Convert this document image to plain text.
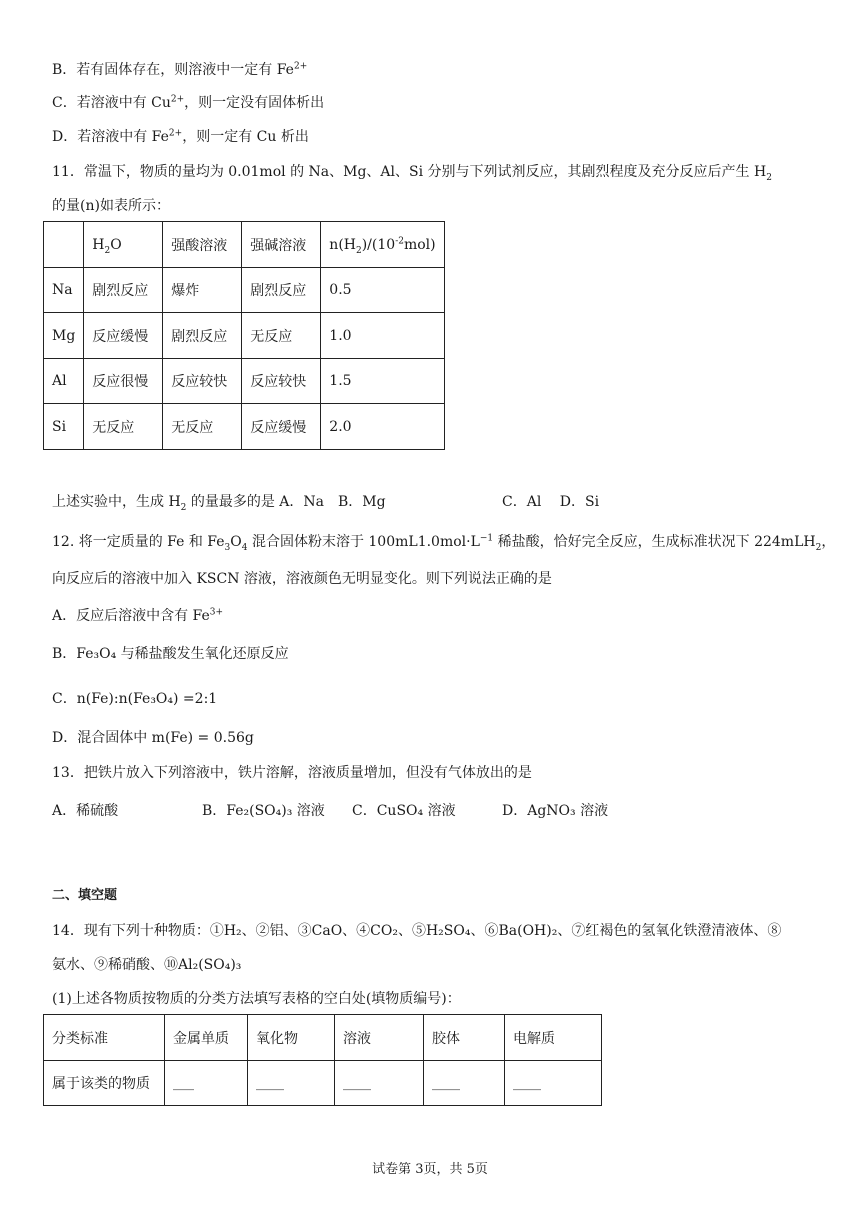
B．若有固体存在，则溶液中一定有 $Fe^{2+}$
C．若溶液中有 $Cu^{2+}$，则一定没有固体析出
D．若溶液中有 $Fe^{2+}$，则一定有 Cu 析出
11．常温下，物质的量均为 0.01mol 的 Na、Mg、Al、Si 分别与下列试剂反应，其剧烈程度及充分反应后产生 $H_2$
的量(n)如表所示：
	$H_2O$	强酸溶液	强碱溶液	$n(H_2)/(10^{-2}mol)$
Na	剧烈反应	爆炸	剧烈反应	0.5
Mg	反应缓慢	剧烈反应	无反应	1.0
Al	反应很慢	反应较快	反应较快	1.5
Si	无反应	无反应	反应缓慢	2.0
上述实验中，生成 $H_2$ 的量最多的是 A．Na　B．Mg	C．Al　 D．Si
12. 将一定质量的 Fe 和 $Fe_3O_4$ 混合固体粉末溶于 $100mL1.0mol\cdot L^{-1}$ 稀盐酸，恰好完全反应，生成标准状况下 224mLH$_2$，
向反应后的溶液中加入 KSCN 溶液，溶液颜色无明显变化。则下列说法正确的是
A．反应后溶液中含有 $Fe^{3+}$
B．Fe₃O₄ 与稀盐酸发生氧化还原反应
C．n(Fe):n(Fe₃O₄) =2:1
D．混合固体中 m(Fe) = 0.56g
13．把铁片放入下列溶液中，铁片溶解，溶液质量增加，但没有气体放出的是
A．稀硫酸	B．Fe₂(SO₄)₃ 溶液 C．CuSO₄ 溶液	D．AgNO₃ 溶液
二、填空题
14．现有下列十种物质：①H₂、②铝、③CaO、④CO₂、⑤H₂SO₄、⑥Ba(OH)₂、⑦红褐色的氢氧化铁澄清液体、⑧
氨水、⑨稀硝酸、⑩Al₂(SO₄)₃
(1)上述各物质按物质的分类方法填写表格的空白处(填物质编号)：
分类标准	金属单质	氧化物	溶液	胶体	电解质
属于该类的物质	___	____	____	____	____
试卷第 3页，共 5页
